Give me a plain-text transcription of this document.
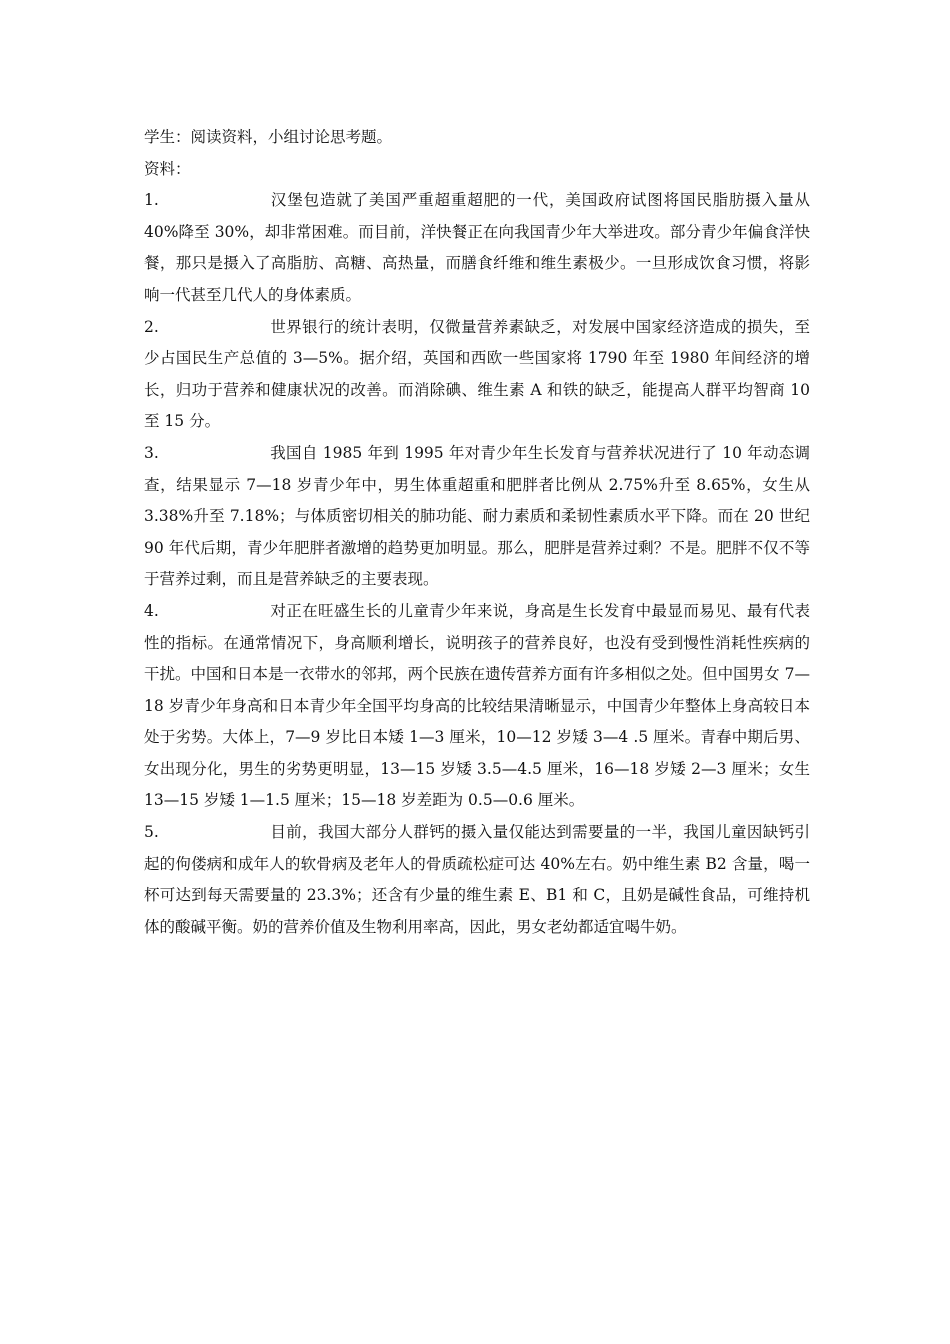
学生：阅读资料，小组讨论思考题。

资料：

1.	汉堡包造就了美国严重超重超肥的一代，美国政府试图将国民脂肪摄入量从 40%降至 30%，却非常困难。而目前，洋快餐正在向我国青少年大举进攻。部分青少年偏食洋快餐，那只是摄入了高脂肪、高糖、高热量，而膳食纤维和维生素极少。一旦形成饮食习惯，将影响一代甚至几代人的身体素质。

2.	世界银行的统计表明，仅微量营养素缺乏，对发展中国家经济造成的损失，至少占国民生产总值的 3—5%。据介绍，英国和西欧一些国家将 1790 年至 1980 年间经济的增长，归功于营养和健康状况的改善。而消除碘、维生素 A 和铁的缺乏，能提高人群平均智商 10 至 15 分。

3.	我国自 1985 年到 1995 年对青少年生长发育与营养状况进行了 10 年动态调查，结果显示 7—18 岁青少年中，男生体重超重和肥胖者比例从 2.75%升至 8.65%，女生从 3.38%升至 7.18%；与体质密切相关的肺功能、耐力素质和柔韧性素质水平下降。而在 20 世纪 90 年代后期，青少年肥胖者激增的趋势更加明显。那么，肥胖是营养过剩？不是。肥胖不仅不等于营养过剩，而且是营养缺乏的主要表现。

4.	对正在旺盛生长的儿童青少年来说，身高是生长发育中最显而易见、最有代表性的指标。在通常情况下，身高顺利增长，说明孩子的营养良好，也没有受到慢性消耗性疾病的干扰。中国和日本是一衣带水的邻邦，两个民族在遗传营养方面有许多相似之处。但中国男女 7—18 岁青少年身高和日本青少年全国平均身高的比较结果清晰显示，中国青少年整体上身高较日本处于劣势。大体上，7—9 岁比日本矮 1—3 厘米，10—12 岁矮 3—4 .5 厘米。青春中期后男、女出现分化，男生的劣势更明显，13—15 岁矮 3.5—4.5 厘米，16—18 岁矮 2—3 厘米；女生 13—15 岁矮 1—1.5 厘米；15—18 岁差距为 0.5—0.6 厘米。

5.	目前，我国大部分人群钙的摄入量仅能达到需要量的一半，我国儿童因缺钙引起的佝偻病和成年人的软骨病及老年人的骨质疏松症可达 40%左右。奶中维生素 B2 含量，喝一杯可达到每天需要量的 23.3%；还含有少量的维生素 E、B1 和 C，且奶是碱性食品，可维持机体的酸碱平衡。奶的营养价值及生物利用率高，因此，男女老幼都适宜喝牛奶。
